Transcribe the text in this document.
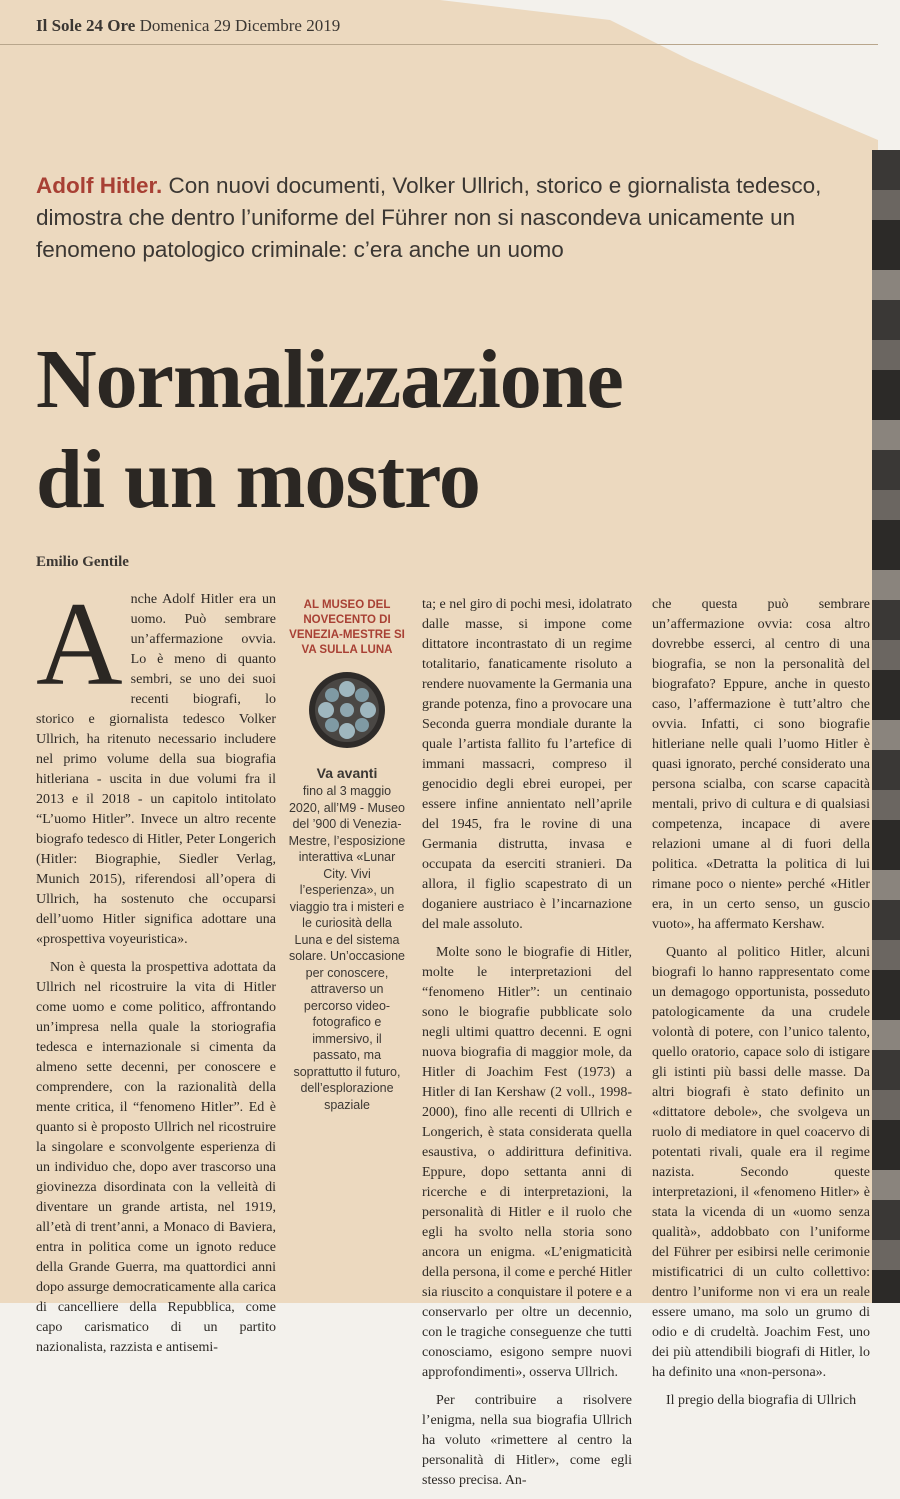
Il Sole 24 Ore Domenica 29 Dicembre 2019
Adolf Hitler. Con nuovi documenti, Volker Ullrich, storico e giornalista tedesco, dimostra che dentro l’uniforme del Führer non si nascondeva unicamente un fenomeno patologico criminale: c’era anche un uomo
Normalizzazione
di un mostro
Emilio Gentile

Anche Adolf Hitler era un uomo. Può sembrare un’affermazione ovvia. Lo è meno di quanto sembri, se uno dei suoi recenti biografi, lo storico e giornalista tedesco Volker Ullrich, ha ritenuto necessario includere nel primo volume della sua biografia hitleriana - uscita in due volumi fra il 2013 e il 2018 - un capitolo intitolato “L’uomo Hitler”. Invece un altro recente biografo tedesco di Hitler, Peter Longerich (Hitler: Biographie, Siedler Verlag, Munich 2015), riferendosi all’opera di Ullrich, ha sostenuto che occuparsi dell’uomo Hitler significa adottare una «prospettiva voyeuristica».

Non è questa la prospettiva adottata da Ullrich nel ricostruire la vita di Hitler come uomo e come politico, affrontando un’impresa nella quale la storiografia tedesca e internazionale si cimenta da almeno sette decenni, per conoscere e comprendere, con la razionalità della mente critica, il “fenomeno Hitler”. Ed è quanto si è proposto Ullrich nel ricostruire la singolare e sconvolgente esperienza di un individuo che, dopo aver trascorso una giovinezza disordinata con la velleità di diventare un grande artista, nel 1919, all’età di trent’anni, a Monaco di Baviera, entra in politica come un ignoto reduce della Grande Guerra, ma quattordici anni dopo assurge democraticamente alla carica di cancelliere della Repubblica, come capo carismatico di un partito nazionalista, razzista e antisemi-

AL MUSEO DEL NOVECENTO DI VENEZIA-MESTRE SI VA SULLA LUNA
Va avanti
fino al 3 maggio 2020, all’M9 - Museo del ’900 di Venezia-Mestre, l’esposizione interattiva «Lunar City. Vivi l’esperienza», un viaggio tra i misteri e le curiosità della Luna e del sistema solare. Un’occasione per conoscere, attraverso un percorso video-fotografico e immersivo, il passato, ma soprattutto il futuro, dell’esplorazione spaziale

ta; e nel giro di pochi mesi, idolatrato dalle masse, si impone come dittatore incontrastato di un regime totalitario, fanaticamente risoluto a rendere nuovamente la Germania una grande potenza, fino a provocare una Seconda guerra mondiale durante la quale l’artista fallito fu l’artefice di immani massacri, compreso il genocidio degli ebrei europei, per essere infine annientato nell’aprile del 1945, fra le rovine di una Germania distrutta, invasa e occupata da eserciti stranieri. Da allora, il figlio scapestrato di un doganiere austriaco è l’incarnazione del male assoluto.

Molte sono le biografie di Hitler, molte le interpretazioni del “fenomeno Hitler”: un centinaio sono le biografie pubblicate solo negli ultimi quattro decenni. E ogni nuova biografia di maggior mole, da Hitler di Joachim Fest (1973) a Hitler di Ian Kershaw (2 voll., 1998-2000), fino alle recenti di Ullrich e Longerich, è stata considerata quella esaustiva, o addirittura definitiva. Eppure, dopo settanta anni di ricerche e di interpretazioni, la personalità di Hitler e il ruolo che egli ha svolto nella storia sono ancora un enigma. «L’enigmaticità della persona, il come e perché Hitler sia riuscito a conquistare il potere e a conservarlo per oltre un decennio, con le tragiche conseguenze che tutti conosciamo, esigono sempre nuovi approfondimenti», osserva Ullrich.

Per contribuire a risolvere l’enigma, nella sua biografia Ullrich ha voluto «rimettere al centro la personalità di Hitler», come egli stesso precisa. An-

che questa può sembrare un’affermazione ovvia: cosa altro dovrebbe esserci, al centro di una biografia, se non la personalità del biografato? Eppure, anche in questo caso, l’affermazione è tutt’altro che ovvia. Infatti, ci sono biografie hitleriane nelle quali l’uomo Hitler è quasi ignorato, perché considerato una persona scialba, con scarse capacità mentali, privo di cultura e di qualsiasi competenza, incapace di avere relazioni umane al di fuori della politica. «Detratta la politica di lui rimane poco o niente» perché «Hitler era, in un certo senso, un guscio vuoto», ha affermato Kershaw.

Quanto al politico Hitler, alcuni biografi lo hanno rappresentato come un demagogo opportunista, posseduto patologicamente da una crudele volontà di potere, con l’unico talento, quello oratorio, capace solo di istigare gli istinti più bassi delle masse. Da altri biografi è stato definito un «dittatore debole», che svolgeva un ruolo di mediatore in quel coacervo di potentati rivali, quale era il regime nazista. Secondo queste interpretazioni, il «fenomeno Hitler» è stata la vicenda di un «uomo senza qualità», addobbato con l’uniforme del Führer per esibirsi nelle cerimonie mistificatrici di un culto collettivo: dentro l’uniforme non vi era un reale essere umano, ma solo un grumo di odio e di crudeltà. Joachim Fest, uno dei più attendibili biografi di Hitler, lo ha definito una «non-persona».

Il pregio della biografia di Ullrich
